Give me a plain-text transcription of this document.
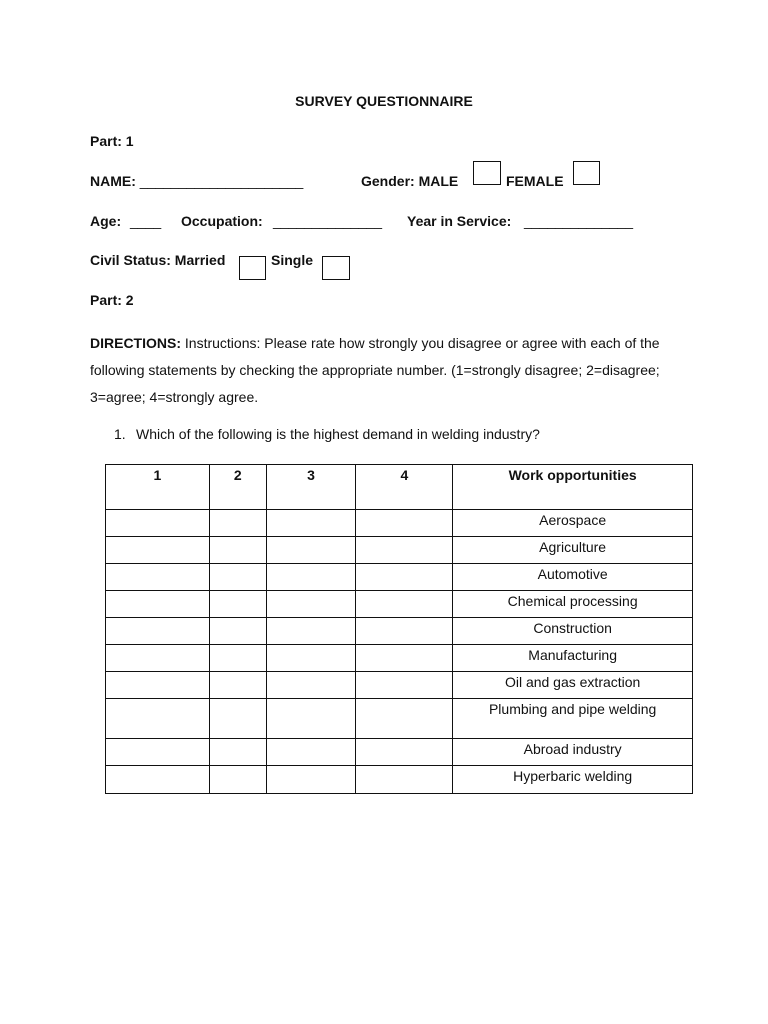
SURVEY QUESTIONNAIRE
Part: 1
NAME: _____________________	Gender: MALE	FEMALE
Age: ____ Occupation: ______________ Year in Service: ______________
Civil Status: Married	Single
Part: 2
DIRECTIONS: Instructions: Please rate how strongly you disagree or agree with each of the following statements by checking the appropriate number. (1=strongly disagree; 2=disagree; 3=agree; 4=strongly agree.
1. Which of the following is the highest demand in welding industry?
1	2	3	4	Work opportunities
				Aerospace
				Agriculture
				Automotive
				Chemical processing
				Construction
				Manufacturing
				Oil and gas extraction
				Plumbing and pipe welding
				Abroad industry
				Hyperbaric welding
